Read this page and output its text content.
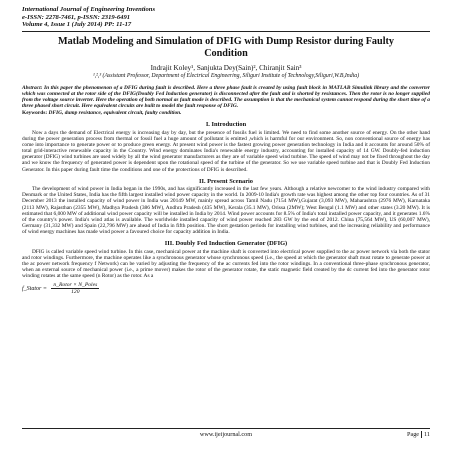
International Journal of Engineering Inventions
e-ISSN: 2278-7461, p-ISSN: 2319-6491
Volume 4, Issue 1 (July 2014) PP: 11-17
Matlab Modeling and Simulation of DFIG with Dump Resistor during Faulty Condition
Indrajit Koley¹, Sanjukta Dey(Sain)², Chiranjit Sain³
¹,²,³ (Assistant Professor, Department of Electrical Engineering, Siliguri Institute of Technology,Siliguri,W.B,India)
Abstract: In this paper the phenomenon of a DFIG during fault is described. Here a three phase fault is created by using fault block in MATLAB Simulink library and the converter which was connected at the rotor side of the DFIG(Doubly Fed Induction generator) is disconnected after the fault and is shorted by resistances. Then the rotor is no longer supplied from the voltage source inverter. Here the operation of both normal as fault mode is described. The assumption is that the mechanical system cannot respond during the short time of a three phased short circuit. Here equivalent circuits are built to model the fault response of DFIG.
Keywords: DFIG, dump resistance, equivalent circuit, faulty condition.
I. Introduction

Now a days the demand of Electrical energy is increasing day by day, but the presence of fossils fuel is limited. We need to find some another source of energy. On the other hand during the power generation process from thermal or fossil fuel a huge amount of pollutant is emitted ,which is harmful for our environment. So, non conventional source of energy has come into importance to generate power or to produce green energy. At present wind power is the fastest growing power generation technology in India and it accounts for around 50% of total grid-interactive renewable capacity in the Country. Wind energy dominates India's renewable energy industry, accounting for installed capacity of 14 GW. Doubly-fed induction generator (DFIG) wind turbines are used widely by all the wind generator manufacturers as they are of variable speed wind turbine. The speed of wind may not be fixed throughout the day and we know the frequency of generated power is dependent upon the rotational speed of the turbine of the generator. So we use variable speed turbine and that is Doubly Fed Induction Generator. In this paper during fault time the conditions and one of the protections of DFIG is described.

II. Present Scenario

The development of wind power in India began in the 1990s, and has significantly increased in the last few years. Although a relative newcomer to the wind industry compared with Denmark or the United States, India has the fifth largest installed wind power capacity in the world. In 2009-10 India's growth rate was highest among the other top four countries. As of 31 December 2013 the installed capacity of wind power in India was 20149 MW, mainly spread across Tamil Nadu (7154 MW),Gujarat (3,093 MW), Maharashtra (2976 MW), Karnataka (2113 MW), Rajasthan (2355 MW), Madhya Pradesh (386 MW), Andhra Pradesh (435 MW), Kerala (35.1 MW), Orissa (2MW); West Bengal (1.1 MW) and other states (3.20 MW). It is estimated that 6,000 MW of additional wind power capacity will be installed in India by 2014. Wind power accounts for 8.5% of India's total installed power capacity, and it generates 1.6% of the country's power. India's wind atlas is available. The worldwide installed capacity of wind power reached 283 GW by the end of 2012. China (75,564 MW), US (60,007 MW), Germany (31,332 MW) and Spain (22,796 MW) are ahead of India in fifth position. The short gestation periods for installing wind turbines, and the increasing reliability and performance of wind energy machines has made wind power a favoured choice for capacity addition in India.

III. Doubly Fed Induction Generator (DFIG)

DFIG is called variable speed wind turbine. In this case, mechanical power at the machine shaft is converted into electrical power supplied to the ac power network via both the stator and rotor windings. Furthermore, the machine operates like a synchronous generator whose synchronous speed (i.e., the speed at which the generator shaft must rotate to generate power at the ac power network frequency f Network) can be varied by adjusting the frequency of the ac currents fed into the rotor windings. In a conventional three-phase synchronous generator, when an external source of mechanical power (i.e., a prime mover) makes the rotor of the generator rotate, the static magnetic field created by the dc current fed into the generator rotor winding rotates at the same speed (n Rotor) as the rotor. As a

f_Stator = $\frac{\text{n\_Rotor × N\_Poles}}{120}$
www.ijeijournal.com	Page 11
